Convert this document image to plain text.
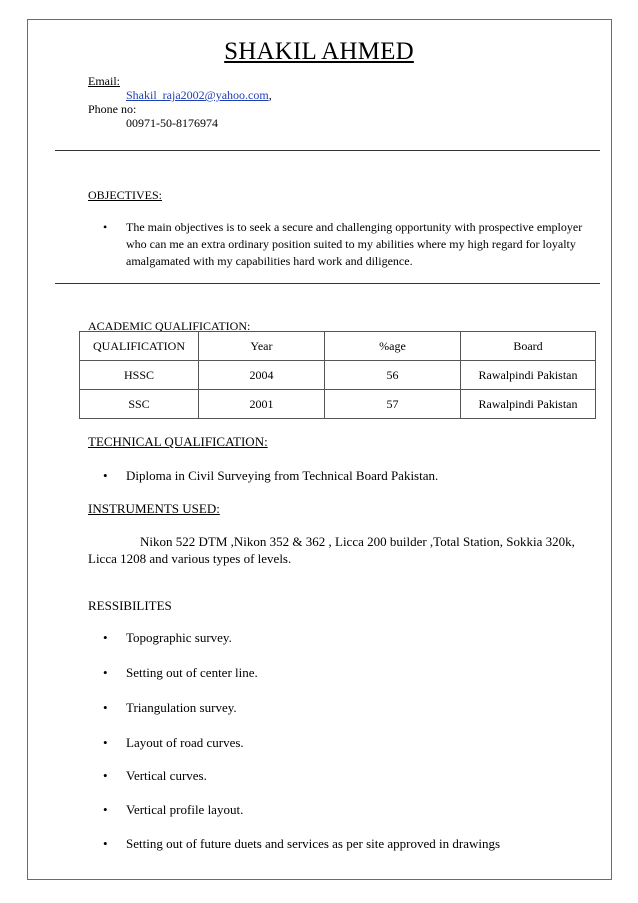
SHAKIL AHMED
Email:
Shakil_raja2002@yahoo.com,
Phone no:
00971-50-8176974
OBJECTIVES:
•	The main objectives is to seek a secure and challenging opportunity with prospective employer who can me an extra ordinary position suited to my abilities where my high regard for loyalty amalgamated with my capabilities hard work and diligence.
ACADEMIC QUALIFICATION:
QUALIFICATION	Year	%age	Board
HSSC	2004	56	Rawalpindi Pakistan
SSC	2001	57	Rawalpindi Pakistan
TECHNICAL QUALIFICATION:
•	Diploma in Civil Surveying from Technical Board Pakistan.
INSTRUMENTS USED:
Nikon 522 DTM ,Nikon 352 & 362 , Licca 200 builder ,Total Station, Sokkia 320k,
Licca 1208 and various types of levels.
RESSIBILITES
•	Topographic survey.
•	Setting out of center line.
•	Triangulation survey.
•	Layout of road curves.
•	Vertical curves.
•	Vertical profile layout.
•	Setting out of future duets and services as per site approved in drawings
